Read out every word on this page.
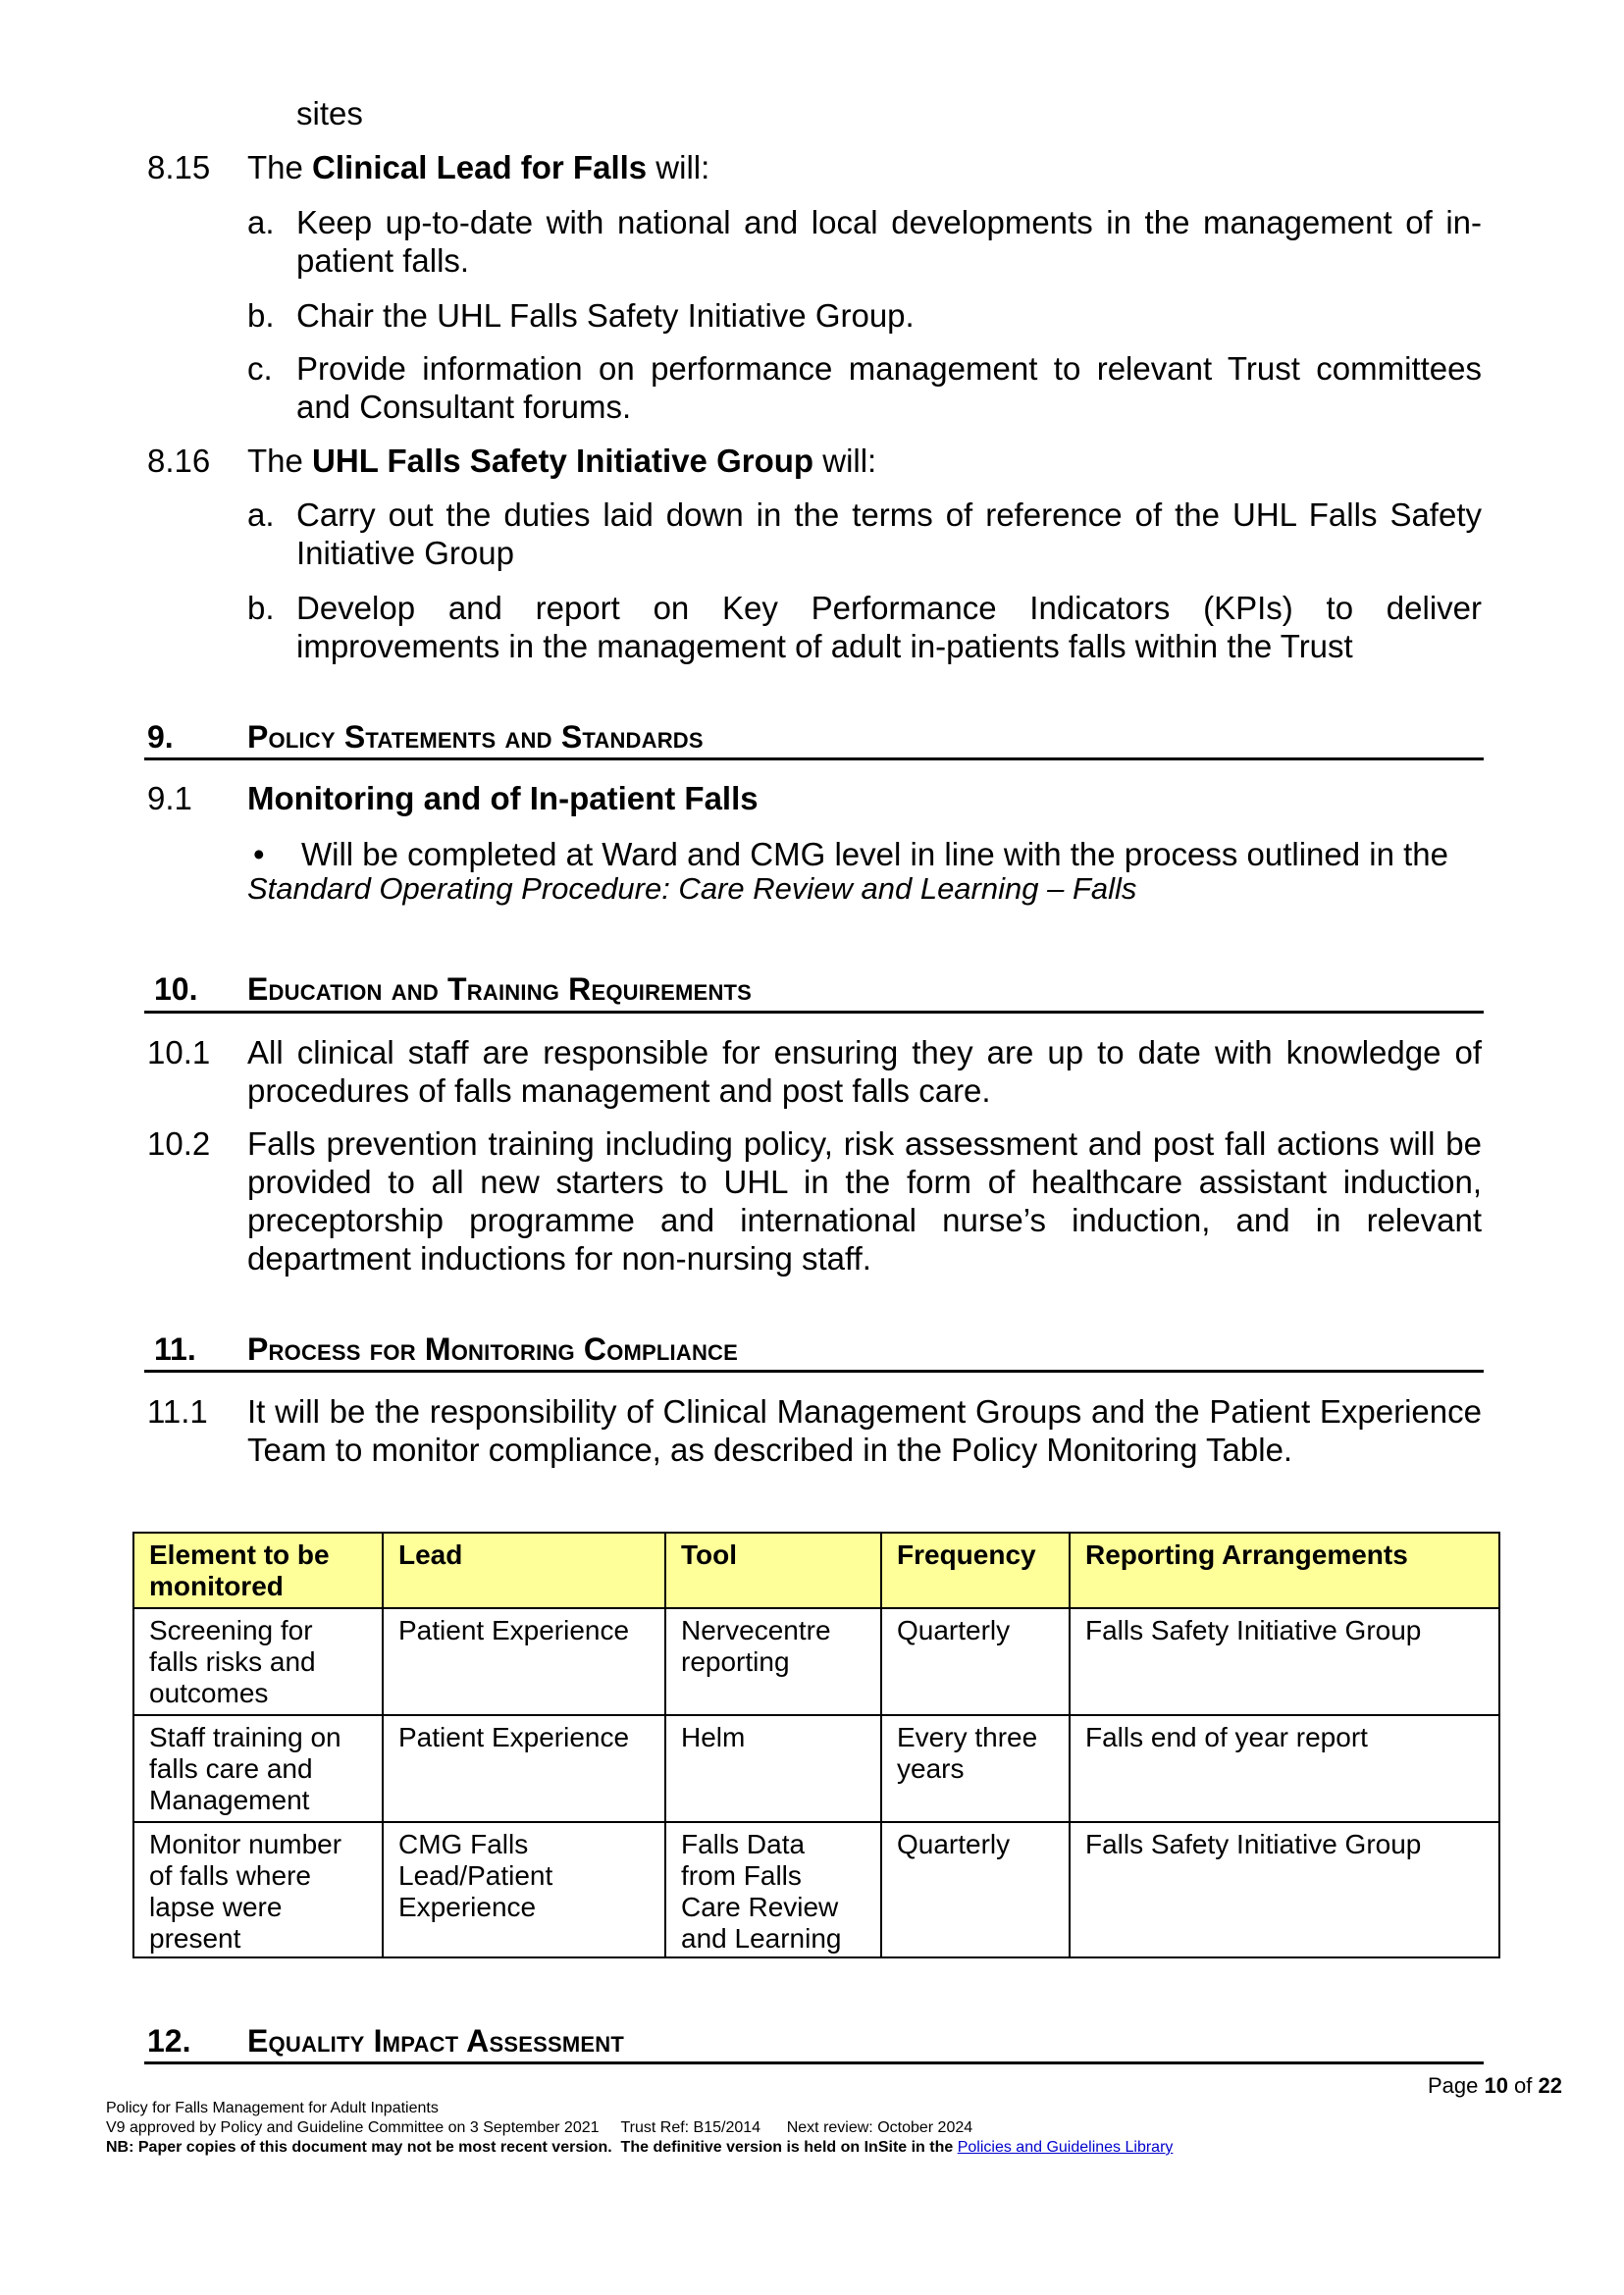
sites
8.15 The Clinical Lead for Falls will:
a. Keep up-to-date with national and local developments in the management of in-patient falls.
b. Chair the UHL Falls Safety Initiative Group.
c. Provide information on performance management to relevant Trust committees and Consultant forums.
8.16 The UHL Falls Safety Initiative Group will:
a. Carry out the duties laid down in the terms of reference of the UHL Falls Safety Initiative Group
b. Develop and report on Key Performance Indicators (KPIs) to deliver
improvements in the management of adult in-patients falls within the Trust
9. Policy Statements and Standards
9.1 Monitoring and of In-patient Falls
• Will be completed at Ward and CMG level in line with the process outlined in the
Standard Operating Procedure: Care Review and Learning – Falls
10. Education and Training Requirements
10.1 All clinical staff are responsible for ensuring they are up to date with knowledge of procedures of falls management and post falls care.
10.2 Falls prevention training including policy, risk assessment and post fall actions will be provided to all new starters to UHL in the form of healthcare assistant induction, preceptorship programme and international nurse’s induction, and in relevant department inductions for non-nursing staff.
11. Process for Monitoring Compliance
11.1 It will be the responsibility of Clinical Management Groups and the Patient Experience Team to monitor compliance, as described in the Policy Monitoring Table.
Element to be monitored	Lead	Tool	Frequency	Reporting Arrangements
Screening for falls risks and outcomes	Patient Experience	Nervecentre reporting	Quarterly	Falls Safety Initiative Group
Staff training on falls care and Management	Patient Experience	Helm	Every three years	Falls end of year report
Monitor number of falls where lapse were present	CMG Falls Lead/Patient Experience	Falls Data from Falls Care Review and Learning	Quarterly	Falls Safety Initiative Group
12. Equality Impact Assessment
Page 10 of 22
Policy for Falls Management for Adult Inpatients
V9 approved by Policy and Guideline Committee on 3 September 2021     Trust Ref: B15/2014      Next review: October 2024
NB: Paper copies of this document may not be most recent version.  The definitive version is held on InSite in the Policies and Guidelines Library
